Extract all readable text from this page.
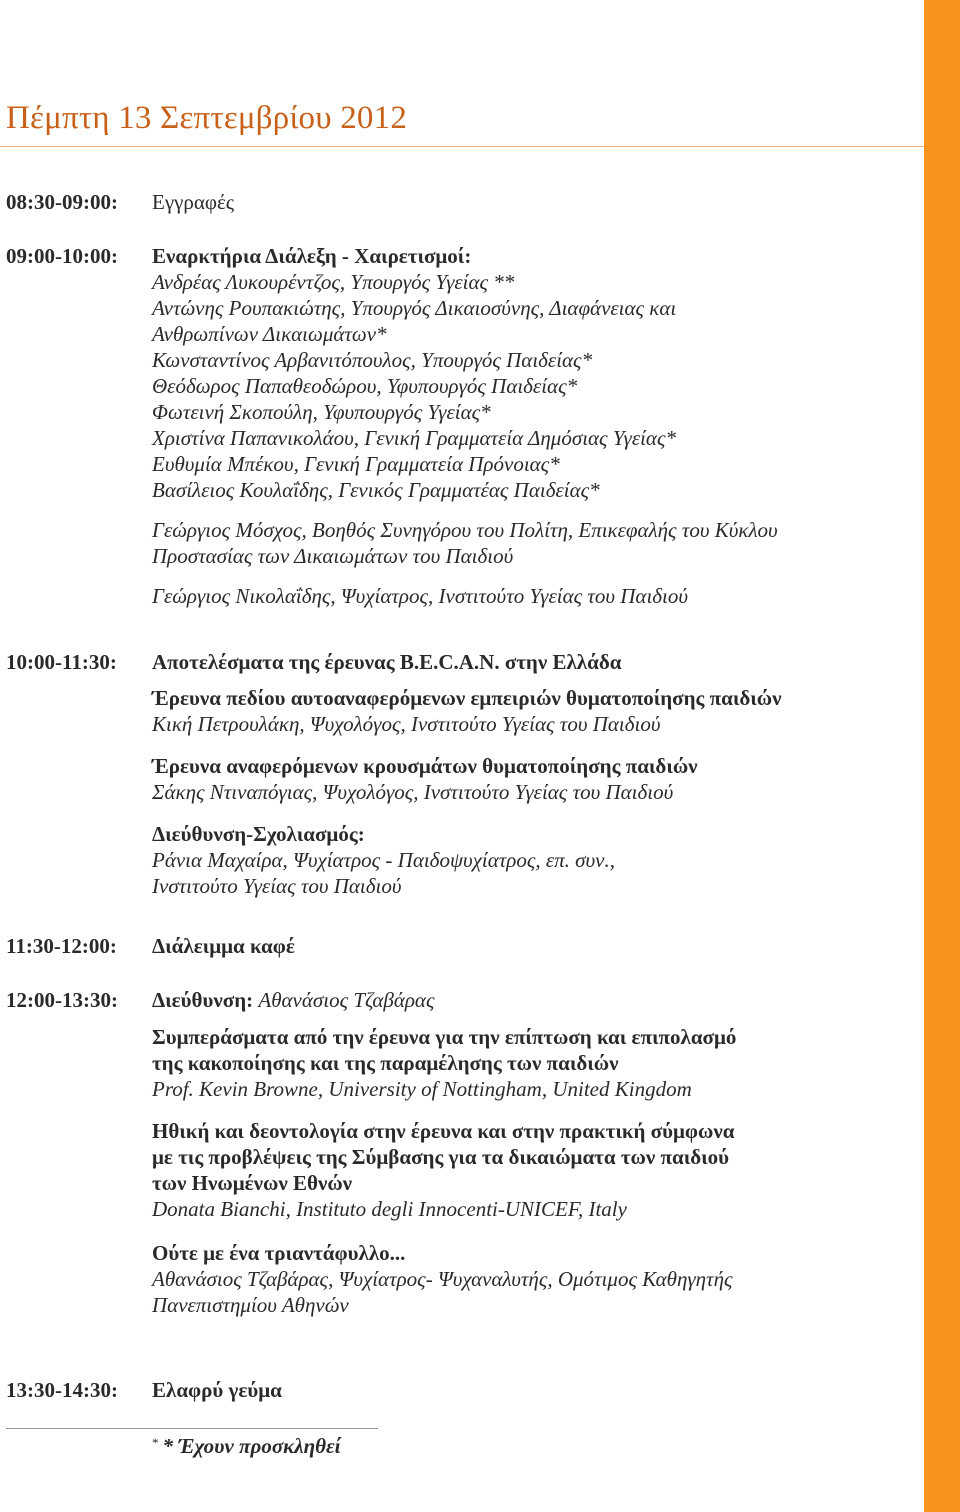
Πέμπτη 13 Σεπτεμβρίου 2012
08:30-09:00: Εγγραφές
09:00-10:00: Εναρκτήρια Διάλεξη - Χαιρετισμοί:
Ανδρέας Λυκουρέντζος, Υπουργός Υγείας **
Αντώνης Ρουπακιώτης, Υπουργός Δικαιοσύνης, Διαφάνειας και
Ανθρωπίνων Δικαιωμάτων*
Κωνσταντίνος Αρβανιτόπουλος, Υπουργός Παιδείας*
Θεόδωρος Παπαθεοδώρου, Υφυπουργός Παιδείας*
Φωτεινή Σκοπούλη, Υφυπουργός Υγείας*
Χριστίνα Παπανικολάου, Γενική Γραμματεία Δημόσιας Υγείας*
Ευθυμία Μπέκου, Γενική Γραμματεία Πρόνοιας*
Βασίλειος Κουλαΐδης, Γενικός Γραμματέας Παιδείας*
Γεώργιος Μόσχος, Βοηθός Συνηγόρου του Πολίτη, Επικεφαλής του Κύκλου
Προστασίας των Δικαιωμάτων του Παιδιού
Γεώργιος Νικολαΐδης, Ψυχίατρος, Ινστιτούτο Υγείας του Παιδιού
10:00-11:30: Αποτελέσματα της έρευνας B.E.C.A.N. στην Ελλάδα
Έρευνα πεδίου αυτοαναφερόμενων εμπειριών θυματοποίησης παιδιών
Κική Πετρουλάκη, Ψυχολόγος, Ινστιτούτο Υγείας του Παιδιού
Έρευνα αναφερόμενων κρουσμάτων θυματοποίησης παιδιών
Σάκης Ντιναπόγιας, Ψυχολόγος, Ινστιτούτο Υγείας του Παιδιού
Διεύθυνση-Σχολιασμός:
Ράνια Μαχαίρα, Ψυχίατρος - Παιδοψυχίατρος, επ. συν.,
Ινστιτούτο Υγείας του Παιδιού
11:30-12:00: Διάλειμμα καφέ
12:00-13:30: Διεύθυνση: Αθανάσιος Τζαβάρας
Συμπεράσματα από την έρευνα για την επίπτωση και επιπολασμό
της κακοποίησης και της παραμέλησης των παιδιών
Prof. Kevin Browne, University of Nottingham, United Kingdom
Ηθική και δεοντολογία στην έρευνα και στην πρακτική σύμφωνα
με τις προβλέψεις της Σύμβασης για τα δικαιώματα των παιδιού
των Ηνωμένων Εθνών
Donata Bianchi, Instituto degli Innocenti-UNICEF, Italy
Ούτε με ένα τριαντάφυλλο...
Αθανάσιος Τζαβάρας, Ψυχίατρος- Ψυχαναλυτής, Ομότιμος Καθηγητής
Πανεπιστημίου Αθηνών
13:30-14:30: Ελαφρύ γεύμα
* * Έχουν προσκληθεί
